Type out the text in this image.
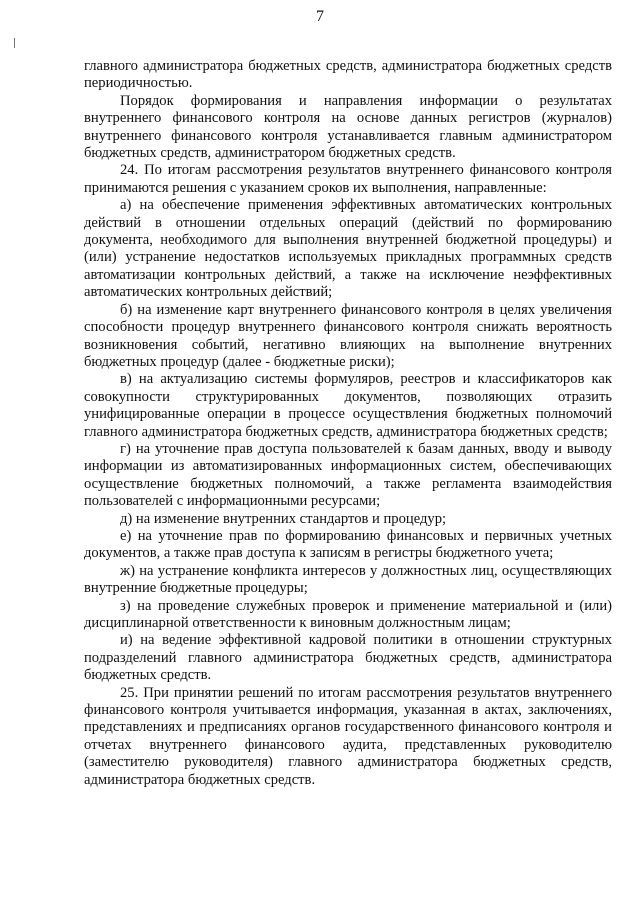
7

главного администратора бюджетных средств, администратора бюджетных средств периодичностью.

Порядок формирования и направления информации о результатах внутреннего финансового контроля на основе данных регистров (журналов) внутреннего финансового контроля устанавливается главным администратором бюджетных средств, администратором бюджетных средств.

24. По итогам рассмотрения результатов внутреннего финансового контроля принимаются решения с указанием сроков их выполнения, направленные:

а) на обеспечение применения эффективных автоматических контрольных действий в отношении отдельных операций (действий по формированию документа, необходимого для выполнения внутренней бюджетной процедуры) и (или) устранение недостатков используемых прикладных программных средств автоматизации контрольных действий, а также на исключение неэффективных автоматических контрольных действий;

б) на изменение карт внутреннего финансового контроля в целях увеличения способности процедур внутреннего финансового контроля снижать вероятность возникновения событий, негативно влияющих на выполнение внутренних бюджетных процедур (далее - бюджетные риски);

в) на актуализацию системы формуляров, реестров и классификаторов как совокупности структурированных документов, позволяющих отразить унифицированные операции в процессе осуществления бюджетных полномочий главного администратора бюджетных средств, администратора бюджетных средств;

г) на уточнение прав доступа пользователей к базам данных, вводу и выводу информации из автоматизированных информационных систем, обеспечивающих осуществление бюджетных полномочий, а также регламента взаимодействия пользователей с информационными ресурсами;

д) на изменение внутренних стандартов и процедур;

е) на уточнение прав по формированию финансовых и первичных учетных документов, а также прав доступа к записям в регистры бюджетного учета;

ж) на устранение конфликта интересов у должностных лиц, осуществляющих внутренние бюджетные процедуры;

з) на проведение служебных проверок и применение материальной и (или) дисциплинарной ответственности к виновным должностным лицам;

и) на ведение эффективной кадровой политики в отношении структурных подразделений главного администратора бюджетных средств, администратора бюджетных средств.

25. При принятии решений по итогам рассмотрения результатов внутреннего финансового контроля учитывается информация, указанная в актах, заключениях, представлениях и предписаниях органов государственного финансового контроля и отчетах внутреннего финансового аудита, представленных руководителю (заместителю руководителя) главного администратора бюджетных средств, администратора бюджетных средств.
